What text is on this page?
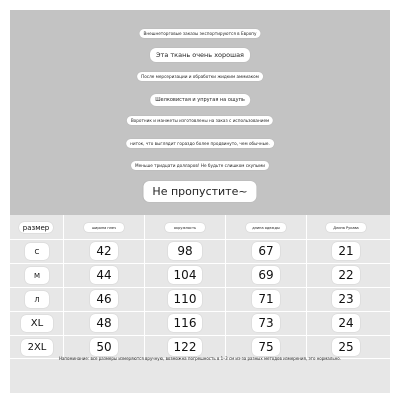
Внешнеторговые заказы экспортируются в Европу
Эта ткань очень хорошая
После мерсеризации и обработки жидким аммиаком
Шелковистая и упругая на ощупь
Воротник и манжеты изготовлены на заказ с использованием
ниток, что выглядит гораздо более продвинуто, чем обычные.
Меньше тридцати долларов! Не будьте слишком скупыми
Не пропустите~
размер	ширина плеч	окружность	длина одежды	Длина Рукава
С	42	98	67	21
М	44	104	69	22
Л	46	110	71	23
XL	48	116	73	24
2XL	50	122	75	25
Напоминание: все размеры измеряются вручную, возможна погрешность в 1–3 см из-за разных методов измерения, это нормально.
